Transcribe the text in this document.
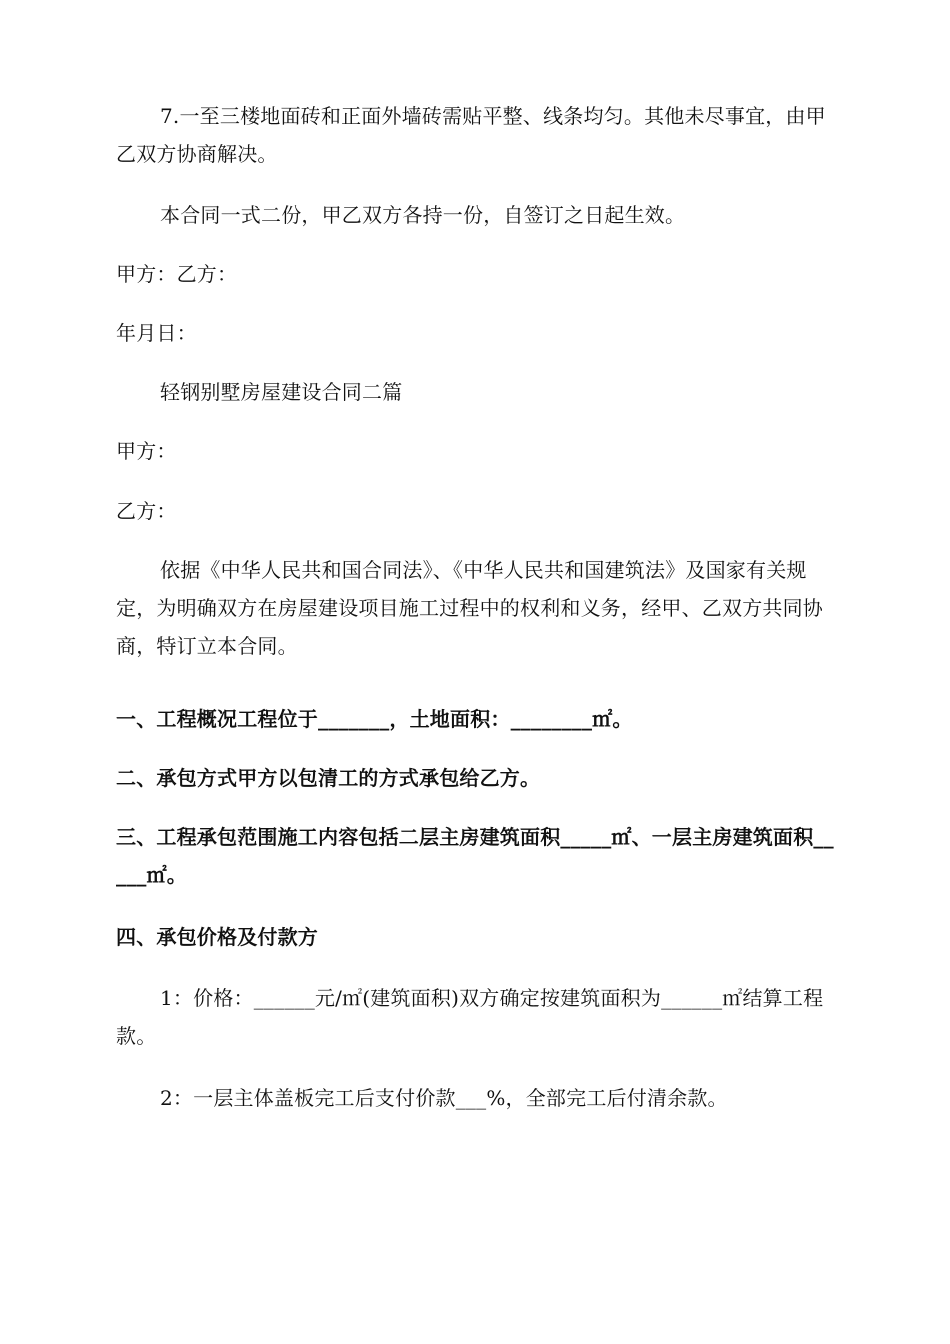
7.一至三楼地面砖和正面外墙砖需贴平整、线条均匀。其他未尽事宜，由甲乙双方协商解决。
本合同一式二份，甲乙双方各持一份，自签订之日起生效。
甲方：乙方：
年月日：
轻钢别墅房屋建设合同二篇
甲方：
乙方：
依据《中华人民共和国合同法》、《中华人民共和国建筑法》及国家有关规定，为明确双方在房屋建设项目施工过程中的权利和义务，经甲、乙双方共同协商，特订立本合同。
一、工程概况工程位于_______，土地面积：________㎡。
二、承包方式甲方以包清工的方式承包给乙方。
三、工程承包范围施工内容包括二层主房建筑面积_____㎡、一层主房建筑面积_____㎡。
四、承包价格及付款方
1：价格：______元/㎡(建筑面积)双方确定按建筑面积为______㎡结算工程款。
2：一层主体盖板完工后支付价款___%，全部完工后付清余款。
